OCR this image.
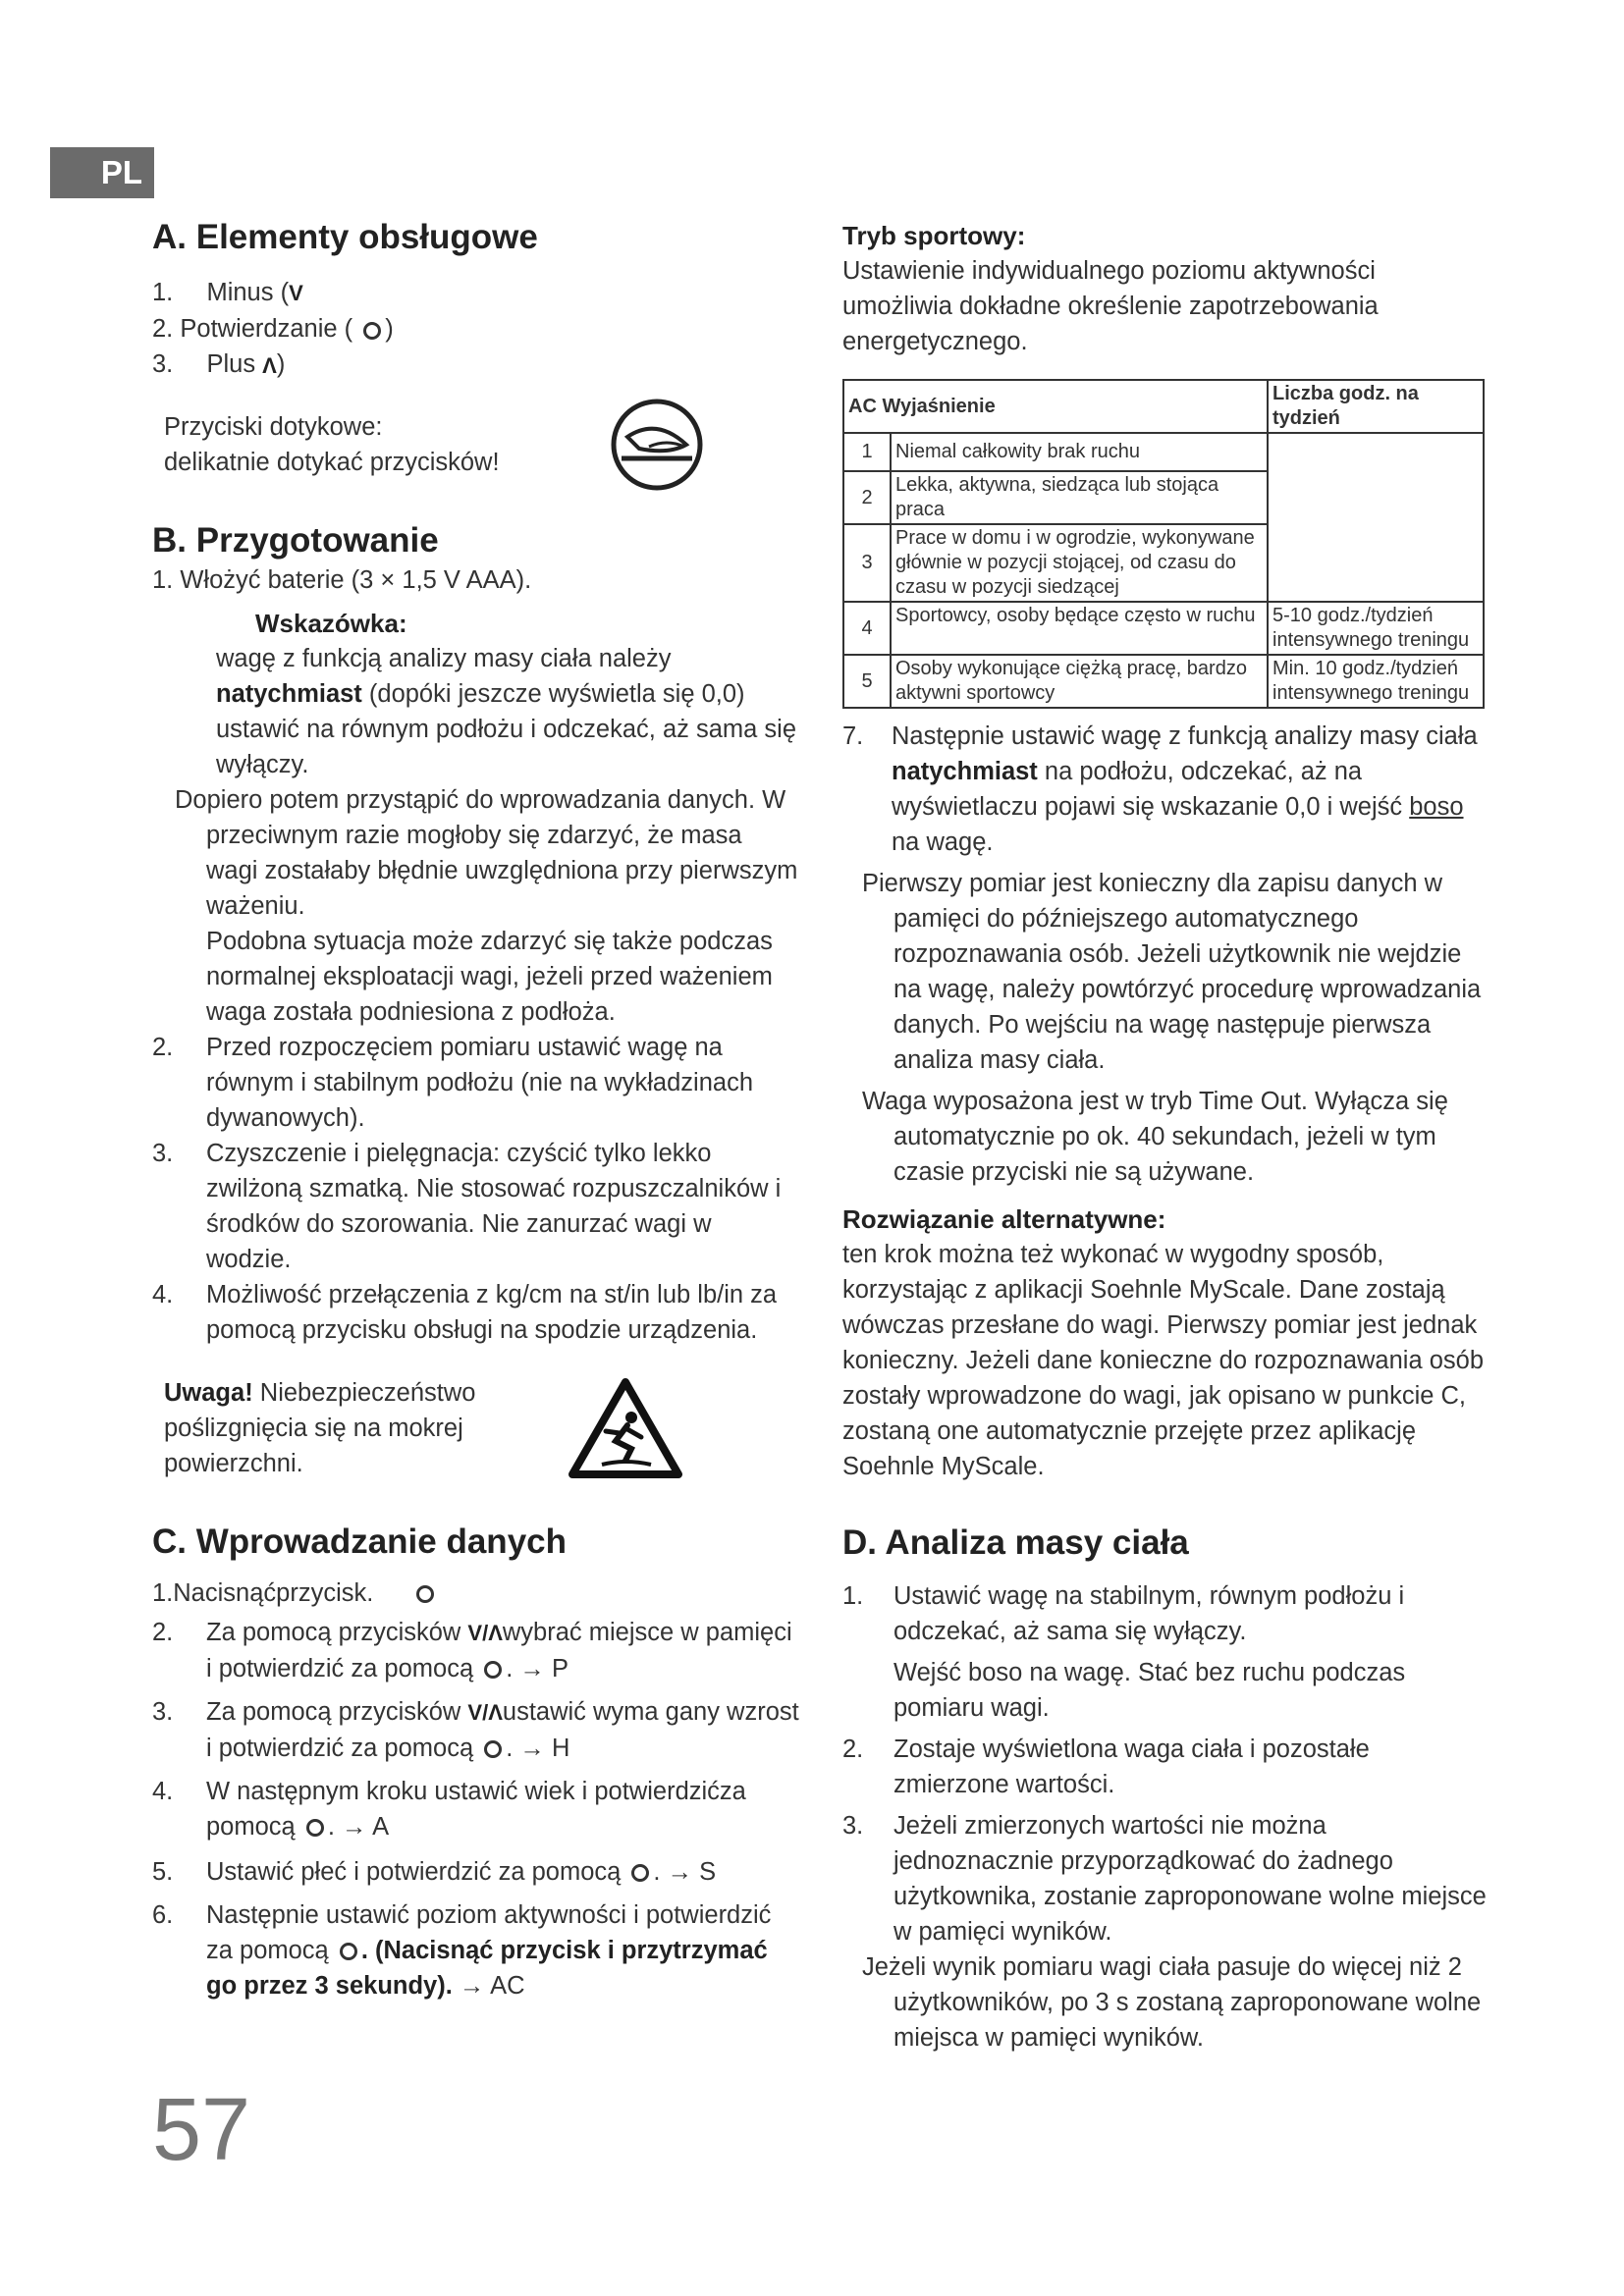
PL
A. Elementy obsługowe
1. Minus (V
2. Potwierdzanie ( )
3. Plus Λ)

Przyciski dotykowe:

delikatnie dotykać przycisków!

B. Przygotowanie

1. Włożyć baterie (3 × 1,5 V AAA).

Wskazówka:

wagę z funkcją analizy masy ciała należy natychmiast (dopóki jeszcze wyświetla się 0,0) ustawić na równym podłożu i odczekać, aż sama się wyłączy.

Dopiero potem przystąpić do wprowadzania danych. W przeciwnym razie mogłoby się zdarzyć, że masa wagi zostałaby błędnie uwzględniona przy pierwszym ważeniu.

Podobna sytuacja może zdarzyć się także podczas normalnej eksploatacji wagi, jeżeli przed ważeniem waga została podniesiona z podłoża.

2. Przed rozpoczęciem pomiaru ustawić wagę na równym i stabilnym podłożu (nie na wykładzinach dywanowych).
3. Czyszczenie i pielęgnacja: czyścić tylko lekko zwilżoną szmatką. Nie stosować rozpuszczalników i środków do szorowania. Nie zanurzać wagi w wodzie.
4. Możliwość przełączenia z kg/cm na st/in lub lb/in za pomocą przycisku obsługi na spodzie urządzenia.

Uwaga! Niebezpieczeństwo poślizgnięcia się na mokrej powierzchni.

C. Wprowadzanie danych

1.Nacisnąćprzycisk.

2. Za pomocą przycisków V/Λwybrać miejsce w pamięci i potwierdzić za pomocą . → P
3. Za pomocą przycisków V/Λustawić wyma gany wzrost i potwierdzić za pomocą . → H
4. W następnym kroku ustawić wiek i potwierdzićza pomocą . → A
5. Ustawić płeć i potwierdzić za pomocą . → S
6. Następnie ustawić poziom aktywności i potwierdzić za pomocą . (Nacisnąć przycisk i przytrzymać go przez 3 sekundy). → AC
Tryb sportowy:

Ustawienie indywidualnego poziomu aktywności umożliwia dokładne określenie zapotrzebowania energetycznego.

AC Wyjaśnienie		Liczba godz. na tydzień
1	Niemal całkowity brak ruchu	
2	Lekka, aktywna, siedząca lub stojąca praca	
3	Prace w domu i w ogrodzie, wykonywane głównie w pozycji stojącej, od czasu do czasu w pozycji siedzącej	
4	Sportowcy, osoby będące często w ruchu	5-10 godz./tydzień intensywnego treningu
5	Osoby wykonujące ciężką pracę, bardzo aktywni sportowcy	Min. 10 godz./tydzień intensywnego treningu
7. Następnie ustawić wagę z funkcją analizy masy ciała natychmiast na podłożu, odczekać, aż na wyświetlaczu pojawi się wskazanie 0,0 i wejść boso na wagę.

Pierwszy pomiar jest konieczny dla zapisu danych w pamięci do późniejszego automatycznego rozpoznawania osób. Jeżeli użytkownik nie wejdzie na wagę, należy powtórzyć procedurę wprowadzania danych. Po wejściu na wagę następuje pierwsza analiza masy ciała.

Waga wyposażona jest w tryb Time Out. Wyłącza się automatycznie po ok. 40 sekundach, jeżeli w tym czasie przyciski nie są używane.

Rozwiązanie alternatywne:

ten krok można też wykonać w wygodny sposób, korzystając z aplikacji Soehnle MyScale. Dane zostają wówczas przesłane do wagi. Pierwszy pomiar jest jednak konieczny. Jeżeli dane konieczne do rozpoznawania osób zostały wprowadzone do wagi, jak opisano w punkcie C, zostaną one automatycznie przejęte przez aplikację Soehnle MyScale.

D. Analiza masy ciała
1. Ustawić wagę na stabilnym, równym podłożu i odczekać, aż sama się wyłączy.
Wejść boso na wagę. Stać bez ruchu podczas pomiaru wagi.
2. Zostaje wyświetlona waga ciała i pozostałe zmierzone wartości.
3. Jeżeli zmierzonych wartości nie można jednoznacznie przyporządkować do żadnego użytkownika, zostanie zaproponowane wolne miejsce w pamięci wyników.

Jeżeli wynik pomiaru wagi ciała pasuje do więcej niż 2 użytkowników, po 3 s zostaną zaproponowane wolne miejsca w pamięci wyników.

57
